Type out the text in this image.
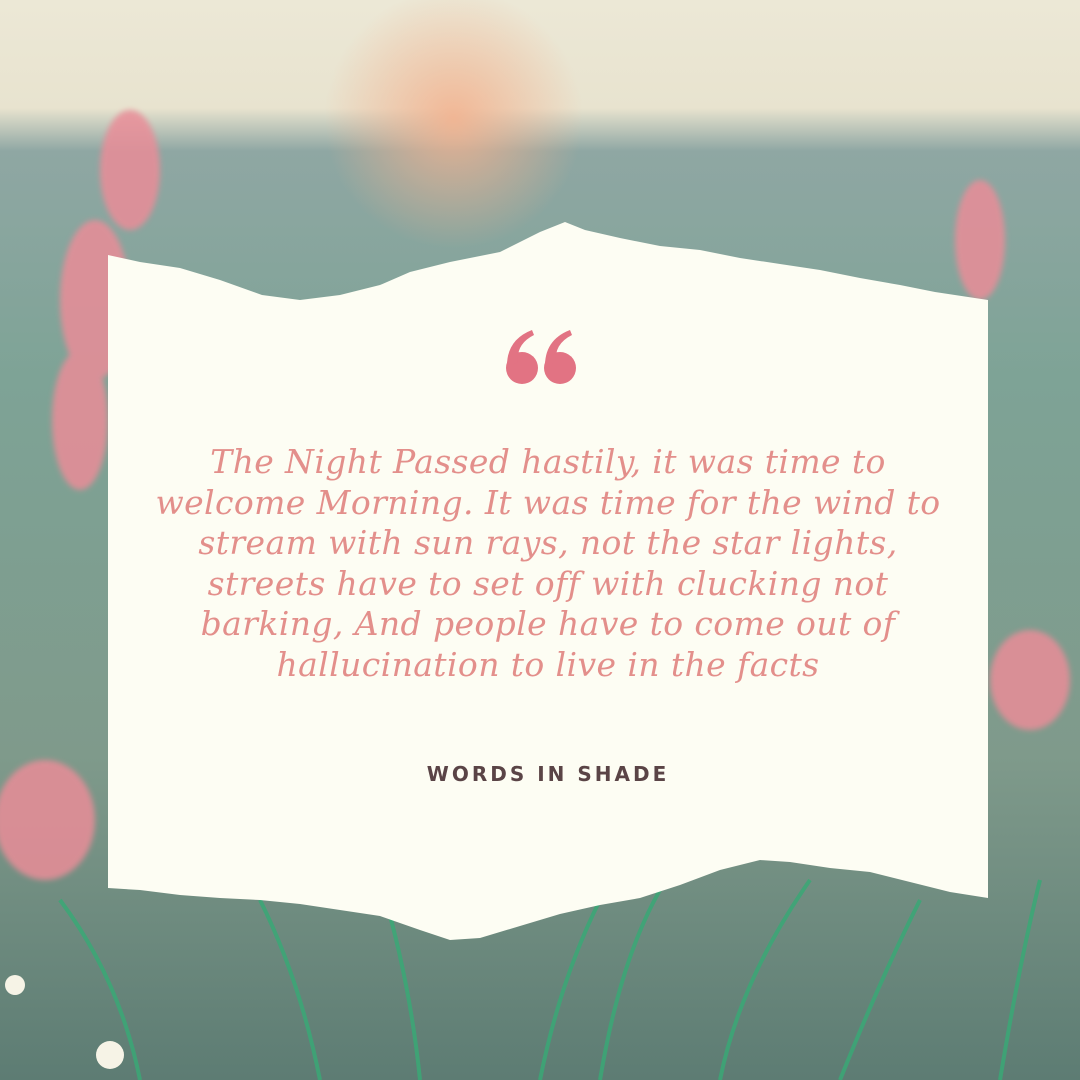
The Night Passed hastily, it was time to welcome Morning. It was time for the wind to stream with sun rays, not the star lights, streets have to set off with clucking not barking, And people have to come out of hallucination to live in the facts
WORDS IN SHADE
